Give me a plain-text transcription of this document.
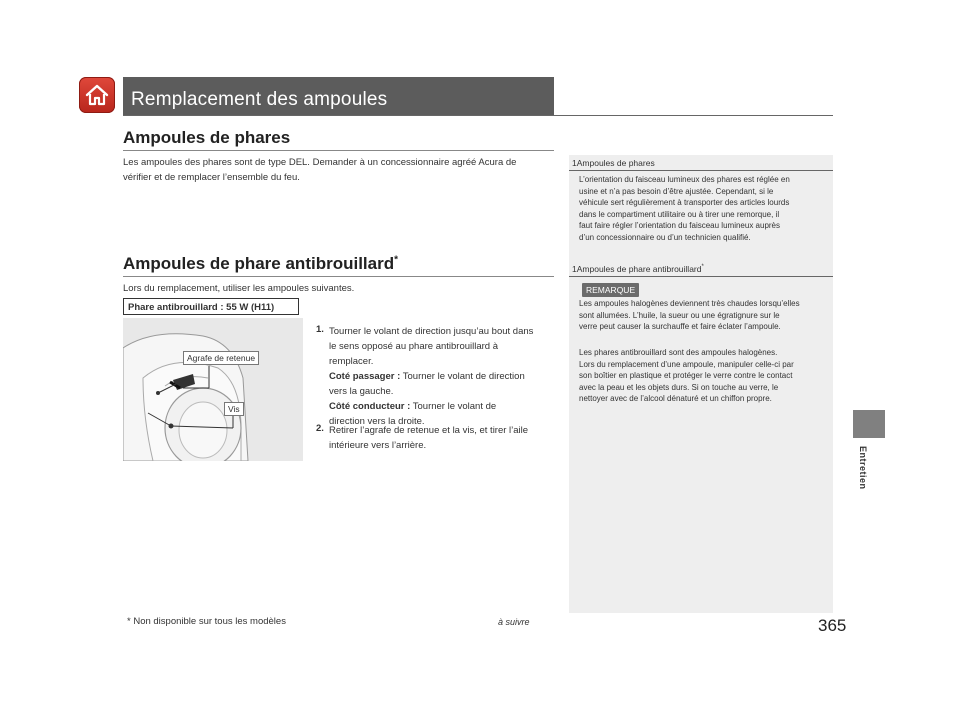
Remplacement des ampoules
Ampoules de phares
Les ampoules des phares sont de type DEL. Demander à un concessionnaire agréé Acura de
vérifier et de remplacer l’ensemble du feu.
Ampoules de phare antibrouillard*
Lors du remplacement, utiliser les ampoules suivantes.
Phare antibrouillard : 55 W (H11)
Agrafe de retenue
Vis
1. Tourner le volant de direction jusqu’au bout dans
le sens opposé au phare antibrouillard à
remplacer.
Coté passager : Tourner le volant de direction
vers la gauche.
Côté conducteur : Tourner le volant de
direction vers la droite.
2. Retirer l’agrafe de retenue et la vis, et tirer l’aile
intérieure vers l’arrière.
1Ampoules de phares
L’orientation du faisceau lumineux des phares est réglée en
usine et n’a pas besoin d’être ajustée. Cependant, si le
véhicule sert régulièrement à transporter des articles lourds
dans le compartiment utilitaire ou à tirer une remorque, il
faut faire régler l’orientation du faisceau lumineux auprès
d’un concessionnaire ou d’un technicien qualifié.
1Ampoules de phare antibrouillard*
REMARQUE
Les ampoules halogènes deviennent très chaudes lorsqu’elles
sont allumées. L’huile, la sueur ou une égratignure sur le
verre peut causer la surchauffe et faire éclater l’ampoule.
Les phares antibrouillard sont des ampoules halogènes.
Lors du remplacement d’une ampoule, manipuler celle-ci par
son boîtier en plastique et protéger le verre contre le contact
avec la peau et les objets durs. Si on touche au verre, le
nettoyer avec de l’alcool dénaturé et un chiffon propre.
Entretien
* Non disponible sur tous les modèles	à suivre	365
